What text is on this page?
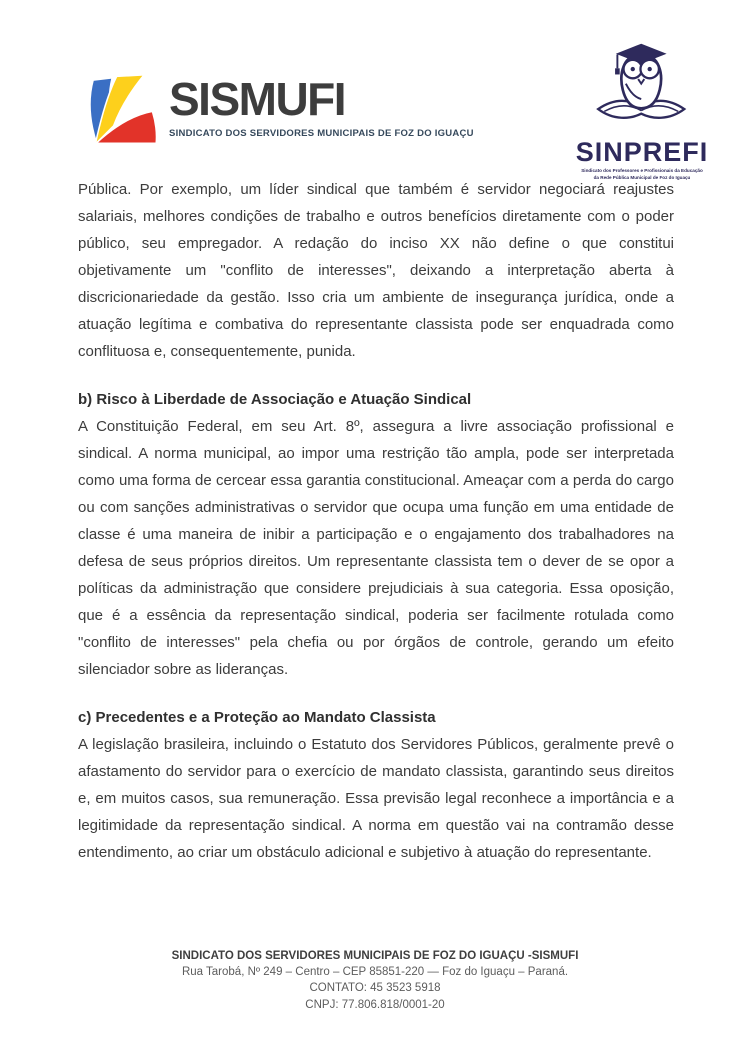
SISMUFI
SINDICATO DOS SERVIDORES MUNICIPAIS DE FOZ DO IGUAÇU
SINPREFI
Sindicato dos Professores e Profissionais da Educação
da Rede Pública Municipal de Foz do Iguaçu

Pública. Por exemplo, um líder sindical que também é servidor negociará reajustes salariais, melhores condições de trabalho e outros benefícios diretamente com o poder público, seu empregador. A redação do inciso XX não define o que constitui objetivamente um "conflito de interesses", deixando a interpretação aberta à discricionariedade da gestão. Isso cria um ambiente de insegurança jurídica, onde a atuação legítima e combativa do representante classista pode ser enquadrada como conflituosa e, consequentemente, punida.

b) Risco à Liberdade de Associação e Atuação Sindical

A Constituição Federal, em seu Art. 8º, assegura a livre associação profissional e sindical. A norma municipal, ao impor uma restrição tão ampla, pode ser interpretada como uma forma de cercear essa garantia constitucional. Ameaçar com a perda do cargo ou com sanções administrativas o servidor que ocupa uma função em uma entidade de classe é uma maneira de inibir a participação e o engajamento dos trabalhadores na defesa de seus próprios direitos. Um representante classista tem o dever de se opor a políticas da administração que considere prejudiciais à sua categoria. Essa oposição, que é a essência da representação sindical, poderia ser facilmente rotulada como "conflito de interesses" pela chefia ou por órgãos de controle, gerando um efeito silenciador sobre as lideranças.

c) Precedentes e a Proteção ao Mandato Classista

A legislação brasileira, incluindo o Estatuto dos Servidores Públicos, geralmente prevê o afastamento do servidor para o exercício de mandato classista, garantindo seus direitos e, em muitos casos, sua remuneração. Essa previsão legal reconhece a importância e a legitimidade da representação sindical. A norma em questão vai na contramão desse entendimento, ao criar um obstáculo adicional e subjetivo à atuação do representante.

SINDICATO DOS SERVIDORES MUNICIPAIS DE FOZ DO IGUAÇU -SISMUFI
Rua Tarobá, Nº 249 – Centro – CEP 85851-220 — Foz do Iguaçu – Paraná.
CONTATO: 45 3523 5918
CNPJ: 77.806.818/0001-20
